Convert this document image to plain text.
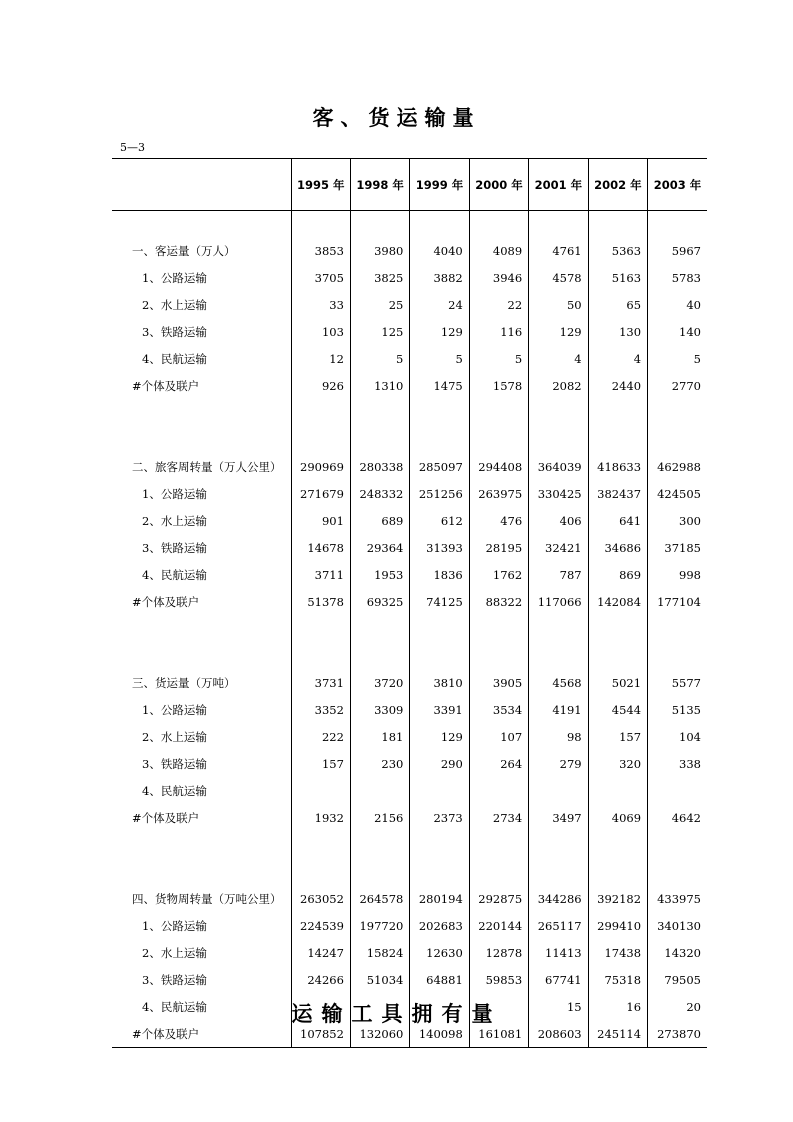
客、货运输量
5—3
	1995 年	1998 年	1999 年	2000 年	2001 年	2002 年	2003 年

一、客运量（万人）	3853	3980	4040	4089	4761	5363	5967
1、公路运输	3705	3825	3882	3946	4578	5163	5783
2、水上运输	33	25	24	22	50	65	40
3、铁路运输	103	125	129	116	129	130	140
4、民航运输	12	5	5	5	4	4	5
#个体及联户	926	1310	1475	1578	2082	2440	2770

二、旅客周转量（万人公里）	290969	280338	285097	294408	364039	418633	462988
1、公路运输	271679	248332	251256	263975	330425	382437	424505
2、水上运输	901	689	612	476	406	641	300
3、铁路运输	14678	29364	31393	28195	32421	34686	37185
4、民航运输	3711	1953	1836	1762	787	869	998
#个体及联户	51378	69325	74125	88322	117066	142084	177104

三、货运量（万吨）	3731	3720	3810	3905	4568	5021	5577
1、公路运输	3352	3309	3391	3534	4191	4544	5135
2、水上运输	222	181	129	107	98	157	104
3、铁路运输	157	230	290	264	279	320	338
4、民航运输							
#个体及联户	1932	2156	2373	2734	3497	4069	4642

四、货物周转量（万吨公里）	263052	264578	280194	292875	344286	392182	433975
1、公路运输	224539	197720	202683	220144	265117	299410	340130
2、水上运输	14247	15824	12630	12878	11413	17438	14320
3、铁路运输	24266	51034	64881	59853	67741	75318	79505
4、民航运输					15	16	20
#个体及联户	107852	132060	140098	161081	208603	245114	273870
运输工具拥有量
